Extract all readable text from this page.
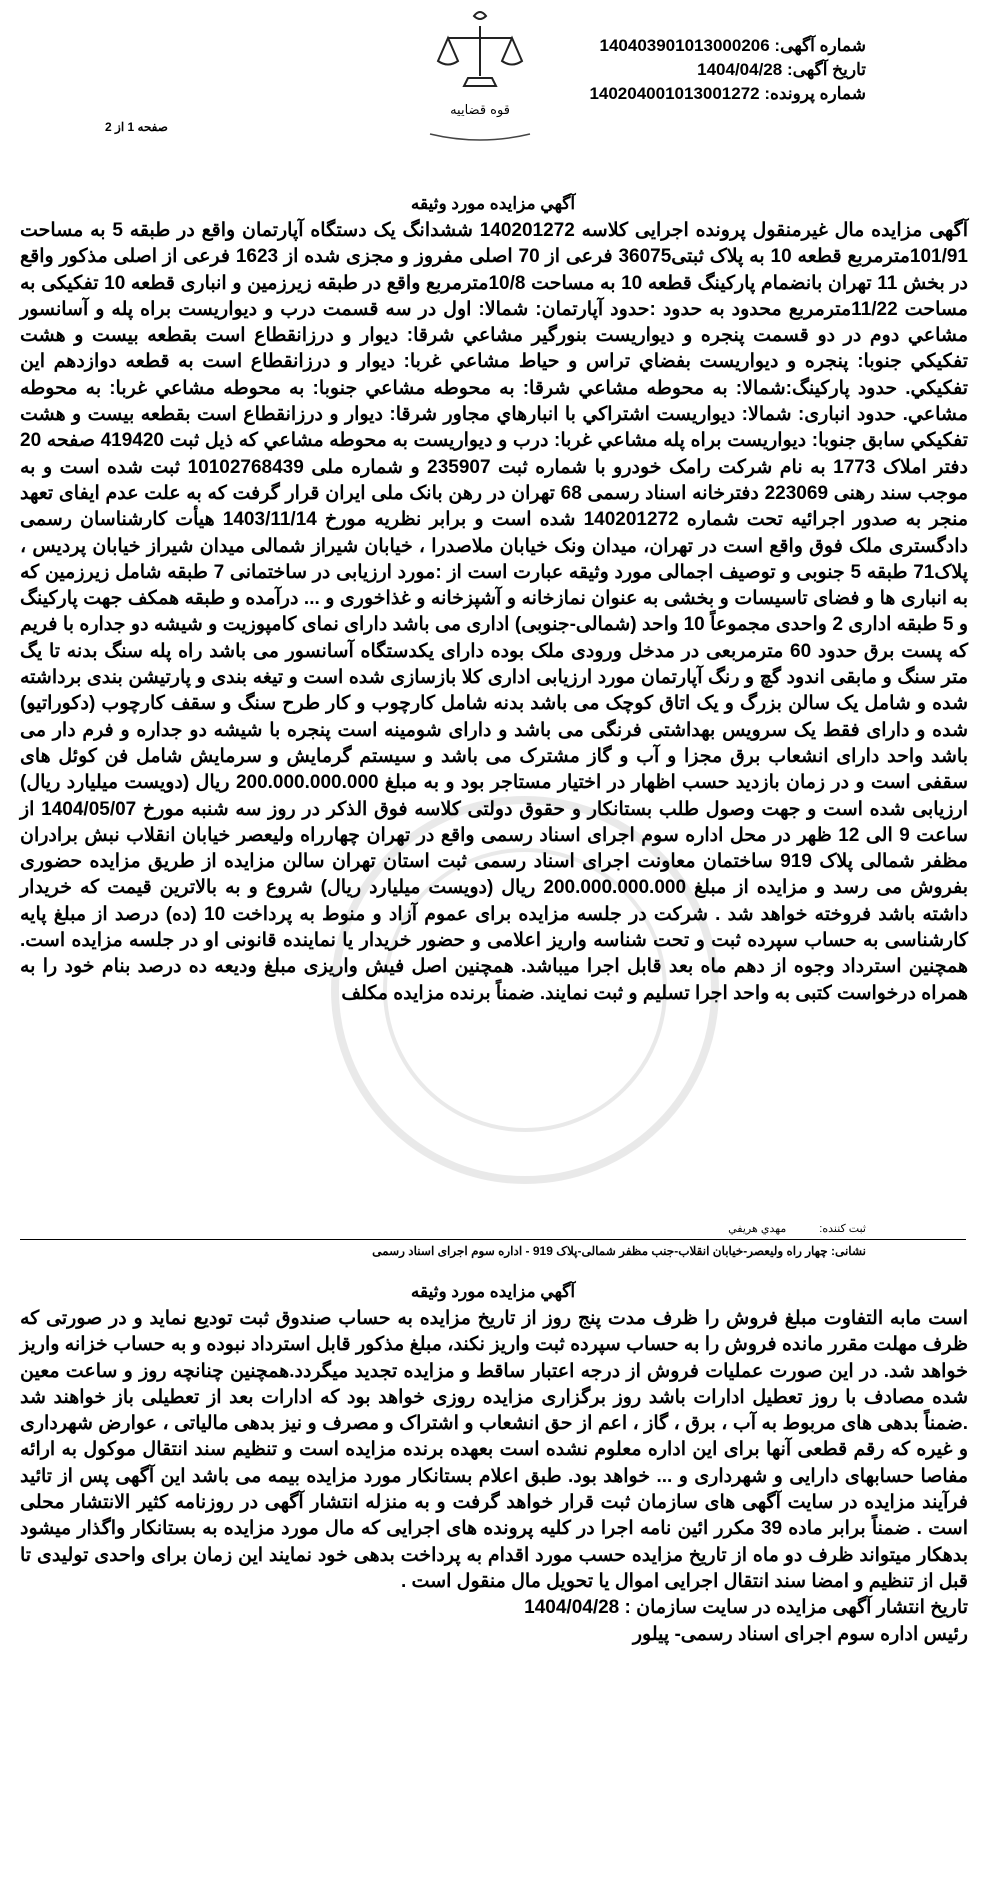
قوه قضاییه
شماره آگهی: 140403901013000206
تاریخ آگهی: 1404/04/28
شماره پرونده: 140204001013001272
صفحه 1 از 2
آگهي مزايده مورد وثيقه
آگهی مزایده مال غیرمنقول پرونده اجرایی کلاسه 140201272 ششدانگ یک دستگاه آپارتمان واقع در طبقه 5 به مساحت 101/91مترمربع قطعه 10 به پلاک ثبتی36075 فرعی از 70 اصلی مفروز و مجزی شده از 1623 فرعی از اصلی مذکور واقع در بخش 11 تهران بانضمام پارکینگ قطعه 10 به مساحت 10/8مترمربع واقع در طبقه زیرزمین و انباری قطعه 10 تفکیکی به مساحت 11/22مترمربع محدود به حدود :حدود آپارتمان: شمالا: اول در سه قسمت درب و دیواریست براه پله و آسانسور مشاعي دوم در دو قسمت پنجره و ديواريست بنورگير مشاعي شرقا: ديوار و درزانقطاع است بقطعه بيست و هشت تفكيكي جنوبا: پنجره و ديواريست بفضاي تراس و حياط مشاعي غربا: ديوار و درزانقطاع است به قطعه دوازدهم اين تفكيكي. حدود پاركينگ:شمالا: به محوطه مشاعي شرقا: به محوطه مشاعي جنوبا: به محوطه مشاعي غربا: به محوطه مشاعي. حدود انباری: شمالا: ديواريست اشتراكي با انبارهاي مجاور شرقا: ديوار و درزانقطاع است بقطعه بيست و هشت تفكيكي سابق جنوبا: ديواريست براه پله مشاعي غربا: درب و ديواريست به محوطه مشاعي كه ذيل ثبت 419420 صفحه 20 دفتر املاک 1773 به نام شرکت رامک خودرو با شماره ثبت 235907 و شماره ملی 10102768439 ثبت شده است و به موجب سند رهنی 223069 دفترخانه اسناد رسمی 68 تهران در رهن بانک ملی ایران قرار گرفت که به علت عدم ایفای تعهد منجر به صدور اجرائیه تحت شماره 140201272 شده است و برابر نظریه مورخ 1403/11/14 هیأت کارشناسان رسمی دادگستری ملک فوق واقع است در تهران، میدان ونک خیابان ملاصدرا ، خیابان شیراز شمالی میدان شیراز خیابان پردیس ، پلاک71 طبقه 5 جنوبی و توصیف اجمالی مورد وثیقه عبارت است از :مورد ارزیابی در ساختمانی 7 طبقه شامل زیرزمین که به انباری ها و فضای تاسیسات و بخشی به عنوان نمازخانه و آشپزخانه و غذاخوری و ... درآمده و طبقه همکف جهت پارکینگ و 5 طبقه اداری 2 واحدی مجموعاً 10 واحد (شمالی-جنوبی) اداری می باشد دارای نمای کامپوزیت و شیشه دو جداره با فریم که پست برق حدود 60 مترمربعی در مدخل ورودی ملک بوده دارای یکدستگاه آسانسور می باشد راه پله سنگ بدنه تا یگ متر سنگ و مابقی اندود گچ و رنگ آپارتمان مورد ارزیابی اداری کلا بازسازی شده است و تیغه بندی و پارتیشن بندی برداشته شده و شامل یک سالن بزرگ و یک اتاق کوچک می باشد بدنه شامل کارچوب و کار طرح سنگ و سقف کارچوب (دکوراتیو) شده و دارای فقط یک سرویس بهداشتی فرنگی می باشد و دارای شومینه است پنجره با شیشه دو جداره و فرم دار می باشد واحد دارای انشعاب برق مجزا و آب و گاز مشترک می باشد و سیستم گرمایش و سرمایش شامل فن کوئل های سقفی است و در زمان بازدید حسب اظهار در اختیار مستاجر بود و به مبلغ 200.000.000.000 ریال (دویست میلیارد ریال) ارزیابی شده است و جهت وصول طلب بستانکار و حقوق دولتی کلاسه فوق الذکر در روز سه شنبه مورخ 1404/05/07 از ساعت 9 الی 12 ظهر در محل اداره سوم اجرای اسناد رسمی واقع در تهران چهارراه ولیعصر خیابان انقلاب نبش برادران مظفر شمالی پلاک 919 ساختمان معاونت اجرای اسناد رسمی ثبت استان تهران سالن مزایده از طریق مزایده حضوری بفروش می رسد و مزایده از مبلغ 200.000.000.000 ریال (دویست میلیارد ریال) شروع و به بالاترین قیمت که خریدار داشته باشد فروخته خواهد شد . شرکت در جلسه مزایده برای عموم آزاد و منوط به پرداخت 10 (ده) درصد از مبلغ پایه کارشناسی به حساب سپرده ثبت و تحت شناسه واریز اعلامی و حضور خریدار یا نماینده قانونی او در جلسه مزایده است. همچنین استرداد وجوه از دهم ماه بعد قابل اجرا میباشد. همچنین اصل فیش واریزی مبلغ ودیعه ده درصد بنام خود را به همراه درخواست کتبی به واحد اجرا تسلیم و ثبت نمایند. ضمناً برنده مزایده مکلف
ثبت کننده: مهدي هريفي
نشانی: چهار راه ولیعصر-خیابان انقلاب-جنب مظفر شمالی-پلاک 919 - اداره سوم اجرای اسناد رسمی
آگهي مزايده مورد وثيقه
است مابه التفاوت مبلغ فروش را ظرف مدت پنج روز از تاریخ مزایده به حساب صندوق ثبت تودیع نماید و در صورتی که ظرف مهلت مقرر مانده فروش را به حساب سپرده ثبت واریز نکند، مبلغ مذکور قابل استرداد نبوده و به حساب خزانه واریز خواهد شد. در این صورت عملیات فروش از درجه اعتبار ساقط و مزایده تجدید میگردد.همچنین چنانچه روز و ساعت معین شده مصادف با روز تعطیل ادارات باشد روز برگزاری مزایده روزی خواهد بود که ادارات بعد از تعطیلی باز خواهند شد .ضمناً بدهی های مربوط به آب ، برق ، گاز ، اعم از حق انشعاب و اشتراک و مصرف و نیز بدهی مالیاتی ، عوارض شهرداری و غیره که رقم قطعی آنها برای این اداره معلوم نشده است بعهده برنده مزایده است و تنظیم سند انتقال موکول به ارائه مفاصا حسابهای دارایی و شهرداری و ... خواهد بود. طبق اعلام بستانکار مورد مزایده بیمه می باشد این آگهی پس از تائید فرآیند مزایده در سایت آگهی های سازمان ثبت قرار خواهد گرفت و به منزله انتشار آگهی در روزنامه کثیر الانتشار محلی است . ضمناً برابر ماده 39 مکرر ائین نامه اجرا در کلیه پرونده های اجرایی که مال مورد مزایده به بستانکار واگذار میشود بدهکار میتواند ظرف دو ماه از تاریخ مزایده حسب مورد اقدام به پرداخت بدهی خود نمایند این زمان برای واحدی تولیدی تا قبل از تنظیم و امضا سند انتقال اجرایی اموال یا تحویل مال منقول است .
تاریخ انتشار آگهی مزایده در سایت سازمان : 1404/04/28
رئیس اداره سوم اجرای اسناد رسمی- پیلور
